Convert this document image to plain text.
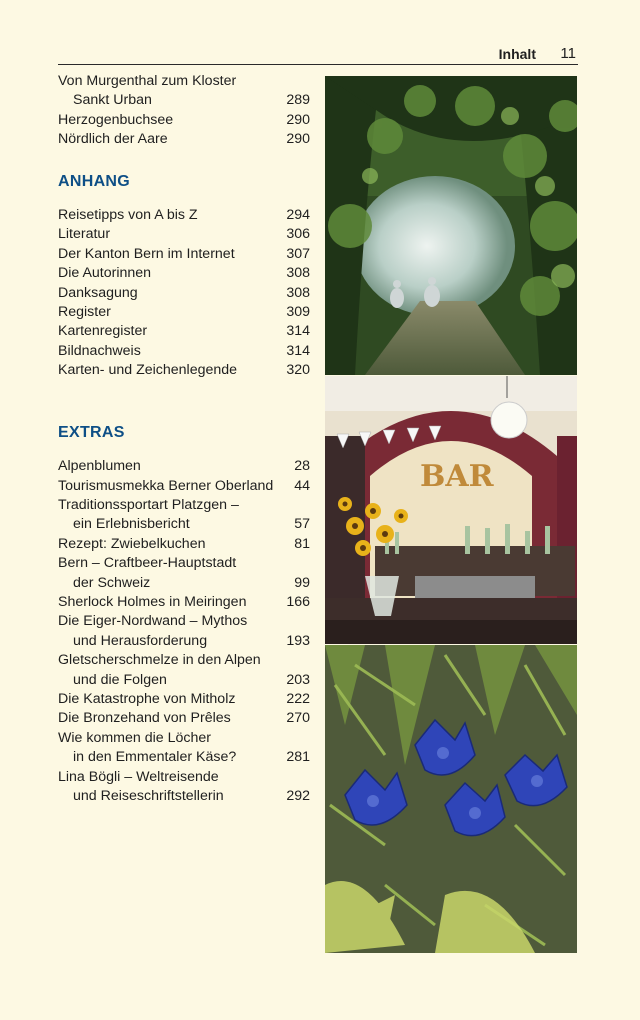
Inhalt 11
Von Murgenthal zum Kloster
Sankt Urban	289
Herzogenbuchsee	290
Nördlich der Aare	290
ANHANG
Reisetipps von A bis Z	294
Literatur	306
Der Kanton Bern im Internet	307
Die Autorinnen	308
Danksagung	308
Register	309
Kartenregister	314
Bildnachweis	314
Karten- und Zeichenlegende	320
EXTRAS
Alpenblumen	28
Tourismusmekka Berner Oberland 44
Traditionssportart Platzgen –
ein Erlebnisbericht	57
Rezept: Zwiebelkuchen	81
Bern – Craftbeer-Hauptstadt
der Schweiz	99
Sherlock Holmes in Meiringen	166
Die Eiger-Nordwand – Mythos
und Herausforderung	193
Gletscherschmelze in den Alpen
und die Folgen	203
Die Katastrophe von Mitholz	222
Die Bronzehand von Prêles	270
Wie kommen die Löcher
in den Emmentaler Käse?	281
Lina Bögli – Weltreisende
und Reiseschriftstellerin	292
BAR
